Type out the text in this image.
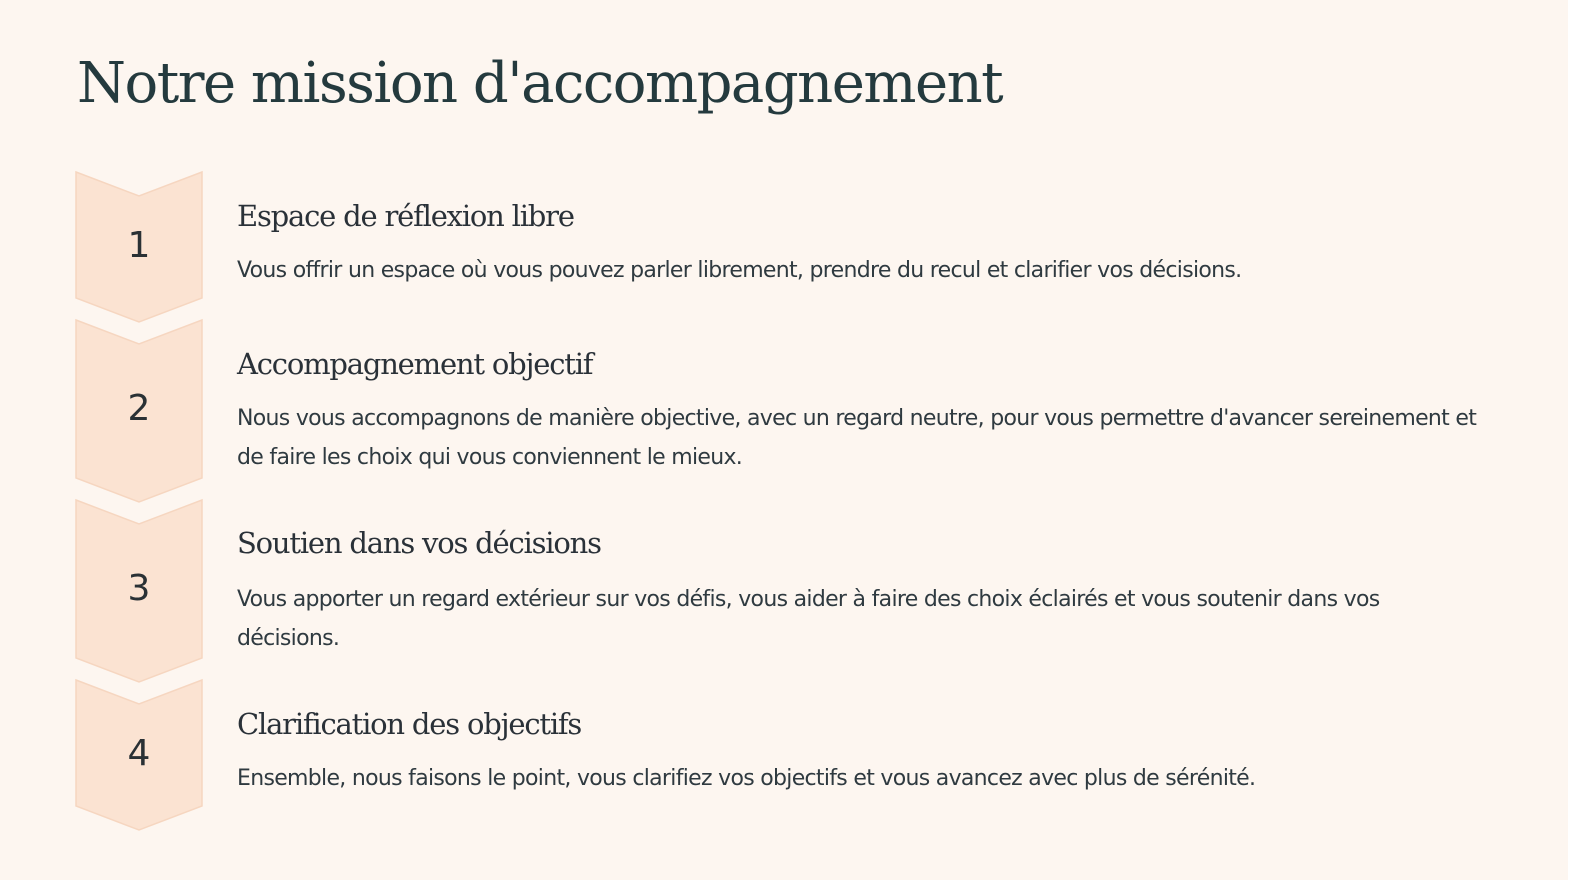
Notre mission d'accompagnement
1
Espace de réflexion libre

Vous offrir un espace où vous pouvez parler librement, prendre du recul et clarifier vos décisions.

2
Accompagnement objectif

Nous vous accompagnons de manière objective, avec un regard neutre, pour vous permettre d'avancer sereinement et de faire les choix qui vous conviennent le mieux.

3
Soutien dans vos décisions

Vous apporter un regard extérieur sur vos défis, vous aider à faire des choix éclairés et vous soutenir dans vos décisions.

4
Clarification des objectifs

Ensemble, nous faisons le point, vous clarifiez vos objectifs et vous avancez avec plus de sérénité.
